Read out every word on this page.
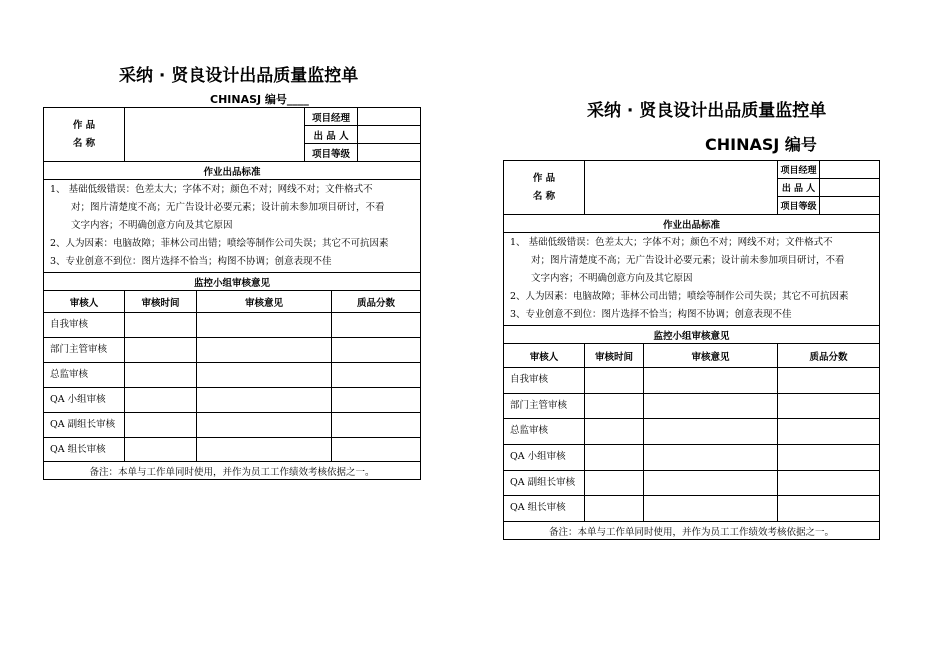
采纳 · 贤良设计出品质量监控单
CHINASJ 编号____
作 品
名 称			项目经理		
			出 品 人		
			项目等级		
作业出品标准					

1、 基础低级错误：色差太大；字体不对；颜色不对；网线不对；文件格式不

对；图片清楚度不高；无广告设计必要元素；设计前未参加项目研讨，不看

文字内容；不明确创意方向及其它原因

2、人为因素：电脑故障；菲林公司出错；喷绘等制作公司失误；其它不可抗因素

3、专业创意不到位：图片选择不恰当；构图不协调；创意表现不佳					

监控小组审核意见					
审核人	审核时间	审核意见		质品分数	
自我审核					
部门主管审核					
总监审核					
QA 小组审核					
QA 副组长审核					
QA 组长审核					
备注：本单与工作单同时使用，并作为员工工作绩效考核依据之一。					
采纳 · 贤良设计出品质量监控单
CHINASJ 编号
作 品
名 称			项目经理	
			出 品 人	
			项目等级	
作业出品标准				

1、 基础低级错误：色差太大；字体不对；颜色不对；网线不对；文件格式不

对；图片清楚度不高；无广告设计必要元素；设计前未参加项目研讨，不看

文字内容；不明确创意方向及其它原因

2、人为因素：电脑故障；菲林公司出错；喷绘等制作公司失误；其它不可抗因素

3、专业创意不到位：图片选择不恰当；构图不协调；创意表现不佳				

监控小组审核意见				
审核人	审核时间	审核意见	质品分数	
自我审核				
部门主管审核				
总监审核				
QA 小组审核				
QA 副组长审核				
QA 组长审核				
备注：本单与工作单同时使用，并作为员工工作绩效考核依据之一。				
